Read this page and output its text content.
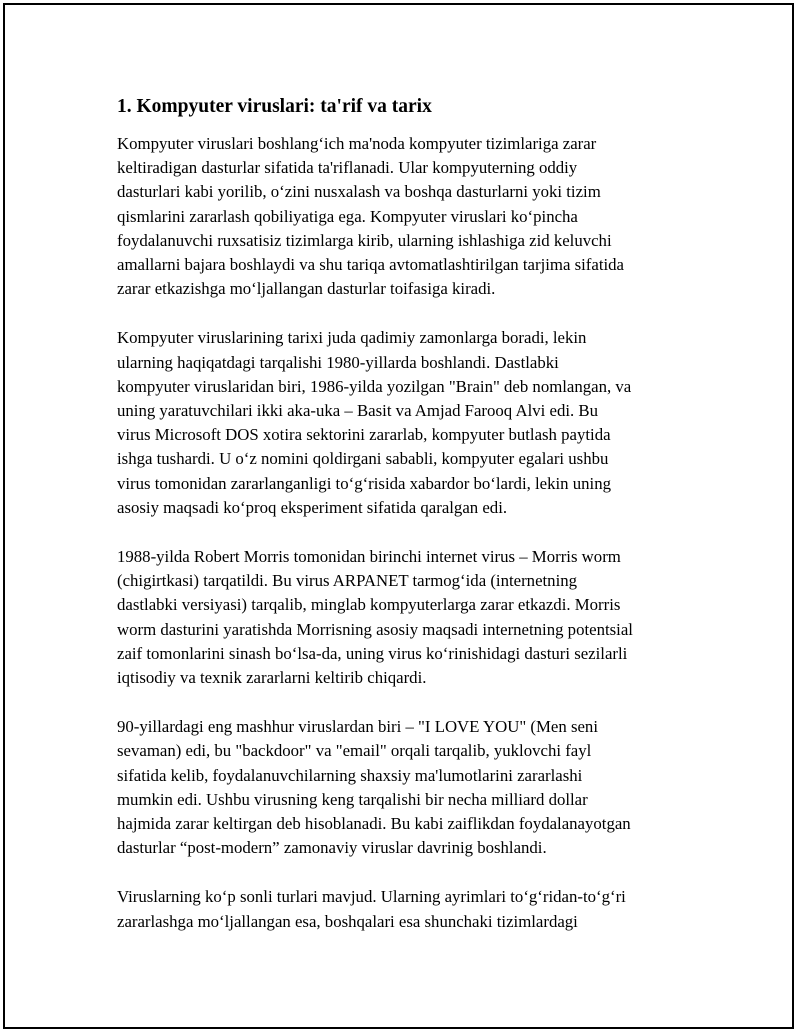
1. Kompyuter viruslari: ta'rif va tarix

Kompyuter viruslari boshlang‘ich ma'noda kompyuter tizimlariga zarar
keltiradigan dasturlar sifatida ta'riflanadi. Ular kompyuterning oddiy
dasturlari kabi yorilib, o‘zini nusxalash va boshqa dasturlarni yoki tizim
qismlarini zararlash qobiliyatiga ega. Kompyuter viruslari ko‘pincha
foydalanuvchi ruxsatisiz tizimlarga kirib, ularning ishlashiga zid keluvchi
amallarni bajara boshlaydi va shu tariqa avtomatlashtirilgan tarjima sifatida
zarar etkazishga mo‘ljallangan dasturlar toifasiga kiradi.

Kompyuter viruslarining tarixi juda qadimiy zamonlarga boradi, lekin
ularning haqiqatdagi tarqalishi 1980-yillarda boshlandi. Dastlabki
kompyuter viruslaridan biri, 1986-yilda yozilgan "Brain" deb nomlangan, va
uning yaratuvchilari ikki aka-uka – Basit va Amjad Farooq Alvi edi. Bu
virus Microsoft DOS xotira sektorini zararlab, kompyuter butlash paytida
ishga tushardi. U o‘z nomini qoldirgani sababli, kompyuter egalari ushbu
virus tomonidan zararlanganligi to‘g‘risida xabardor bo‘lardi, lekin uning
asosiy maqsadi ko‘proq eksperiment sifatida qaralgan edi.

1988-yilda Robert Morris tomonidan birinchi internet virus – Morris worm
(chigirtkasi) tarqatildi. Bu virus ARPANET tarmog‘ida (internetning
dastlabki versiyasi) tarqalib, minglab kompyuterlarga zarar etkazdi. Morris
worm dasturini yaratishda Morrisning asosiy maqsadi internetning potentsial
zaif tomonlarini sinash bo‘lsa-da, uning virus ko‘rinishidagi dasturi sezilarli
iqtisodiy va texnik zararlarni keltirib chiqardi.

90-yillardagi eng mashhur viruslardan biri – "I LOVE YOU" (Men seni
sevaman) edi, bu "backdoor" va "email" orqali tarqalib, yuklovchi fayl
sifatida kelib, foydalanuvchilarning shaxsiy ma'lumotlarini zararlashi
mumkin edi. Ushbu virusning keng tarqalishi bir necha milliard dollar
hajmida zarar keltirgan deb hisoblanadi. Bu kabi zaiflikdan foydalanayotgan
dasturlar “post-modern” zamonaviy viruslar davrinig boshlandi.

Viruslarning ko‘p sonli turlari mavjud. Ularning ayrimlari to‘g‘ridan-to‘g‘ri
zararlashga mo‘ljallangan esa, boshqalari esa shunchaki tizimlardagi
